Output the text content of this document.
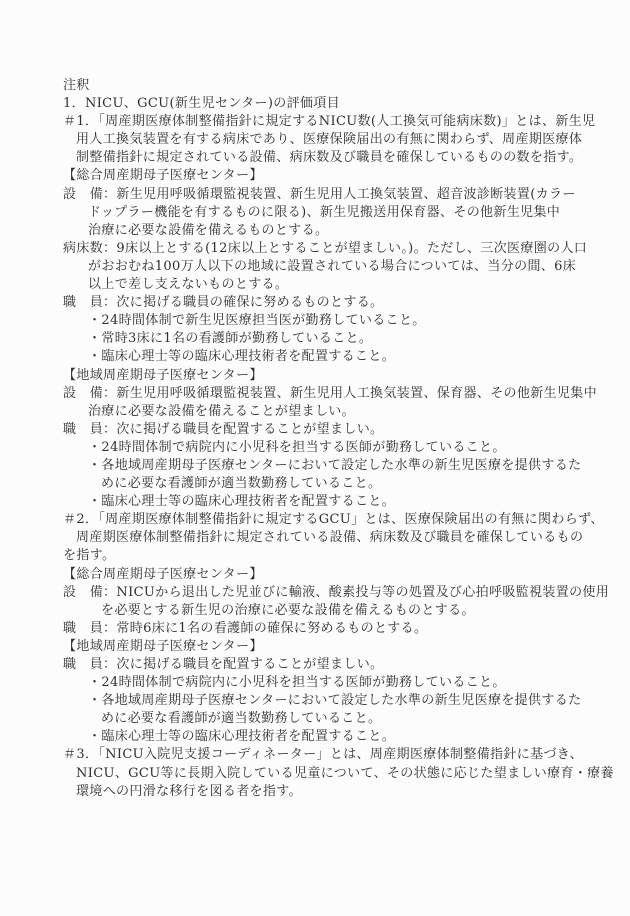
注釈
1．NICU、GCU(新生児センター)の評価項目
＃1．「周産期医療体制整備指針に規定するNICU数(人工換気可能病床数)」とは、新生児
用人工換気装置を有する病床であり、医療保険届出の有無に関わらず、周産期医療体
制整備指針に規定されている設備、病床数及び職員を確保しているものの数を指す。
【総合周産期母子医療センター】
設　備：新生児用呼吸循環監視装置、新生児用人工換気装置、超音波診断装置(カラー
ドップラー機能を有するものに限る)、新生児搬送用保育器、その他新生児集中
治療に必要な設備を備えるものとする。
病床数：9床以上とする(12床以上とすることが望ましい。)。ただし、三次医療圏の人口
がおおむね100万人以下の地域に設置されている場合については、当分の間、6床
以上で差し支えないものとする。
職　員：次に掲げる職員の確保に努めるものとする。
・24時間体制で新生児医療担当医が勤務していること。
・常時3床に1名の看護師が勤務していること。
・臨床心理士等の臨床心理技術者を配置すること。
【地域周産期母子医療センター】
設　備：新生児用呼吸循環監視装置、新生児用人工換気装置、保育器、その他新生児集中
治療に必要な設備を備えることが望ましい。
職　員：次に掲げる職員を配置することが望ましい。
・24時間体制で病院内に小児科を担当する医師が勤務していること。
・各地域周産期母子医療センターにおいて設定した水準の新生児医療を提供するた
めに必要な看護師が適当数勤務していること。
・臨床心理士等の臨床心理技術者を配置すること。
＃2．「周産期医療体制整備指針に規定するGCU」とは、医療保険届出の有無に関わらず、
周産期医療体制整備指針に規定されている設備、病床数及び職員を確保しているもの
を指す。
【総合周産期母子医療センター】
設　備：NICUから退出した児並びに輸液、酸素投与等の処置及び心拍呼吸監視装置の使用
を必要とする新生児の治療に必要な設備を備えるものとする。
職　員：常時6床に1名の看護師の確保に努めるものとする。
【地域周産期母子医療センター】
職　員：次に掲げる職員を配置することが望ましい。
・24時間体制で病院内に小児科を担当する医師が勤務していること。
・各地域周産期母子医療センターにおいて設定した水準の新生児医療を提供するた
めに必要な看護師が適当数勤務していること。
・臨床心理士等の臨床心理技術者を配置すること。
＃3．「NICU入院児支援コーディネーター」とは、周産期医療体制整備指針に基づき、
NICU、GCU等に長期入院している児童について、その状態に応じた望ましい療育・療養
環境への円滑な移行を図る者を指す。
